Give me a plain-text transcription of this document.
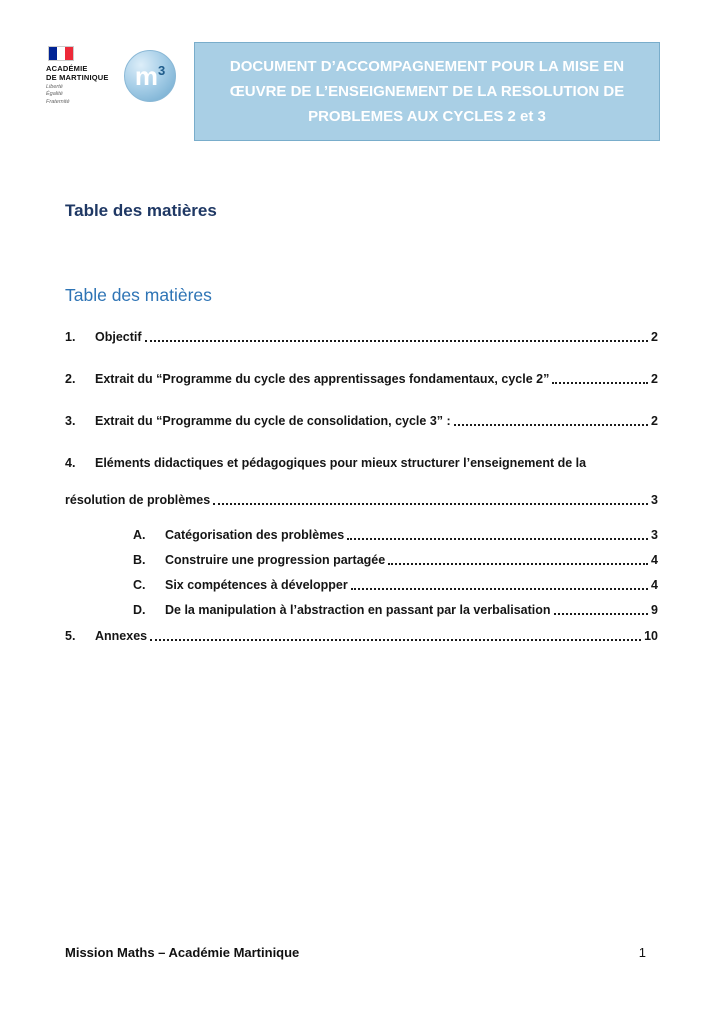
ACADÉMIE
DE MARTINIQUE
Liberté
Égalité
Fraternité
$m^3$	DOCUMENT D’ACCOMPAGNEMENT POUR LA MISE EN
ŒUVRE DE L’ENSEIGNEMENT DE LA RESOLUTION DE
PROBLEMES AUX CYCLES 2 et 3
Table des matières
Table des matières
1.	Objectif	2
2.	Extrait du “Programme du cycle des apprentissages fondamentaux, cycle 2”	2
3.	Extrait du “Programme du cycle de consolidation, cycle 3” :	2
4.	Eléments didactiques et pédagogiques pour mieux structurer l’enseignement de la
résolution de problèmes	3
A.	Catégorisation des problèmes	3
B.	Construire une progression partagée	4
C.	Six compétences à développer	4
D.	De la manipulation à l’abstraction en passant par la verbalisation	9
5.	Annexes	10
Mission Maths – Académie Martinique	1
